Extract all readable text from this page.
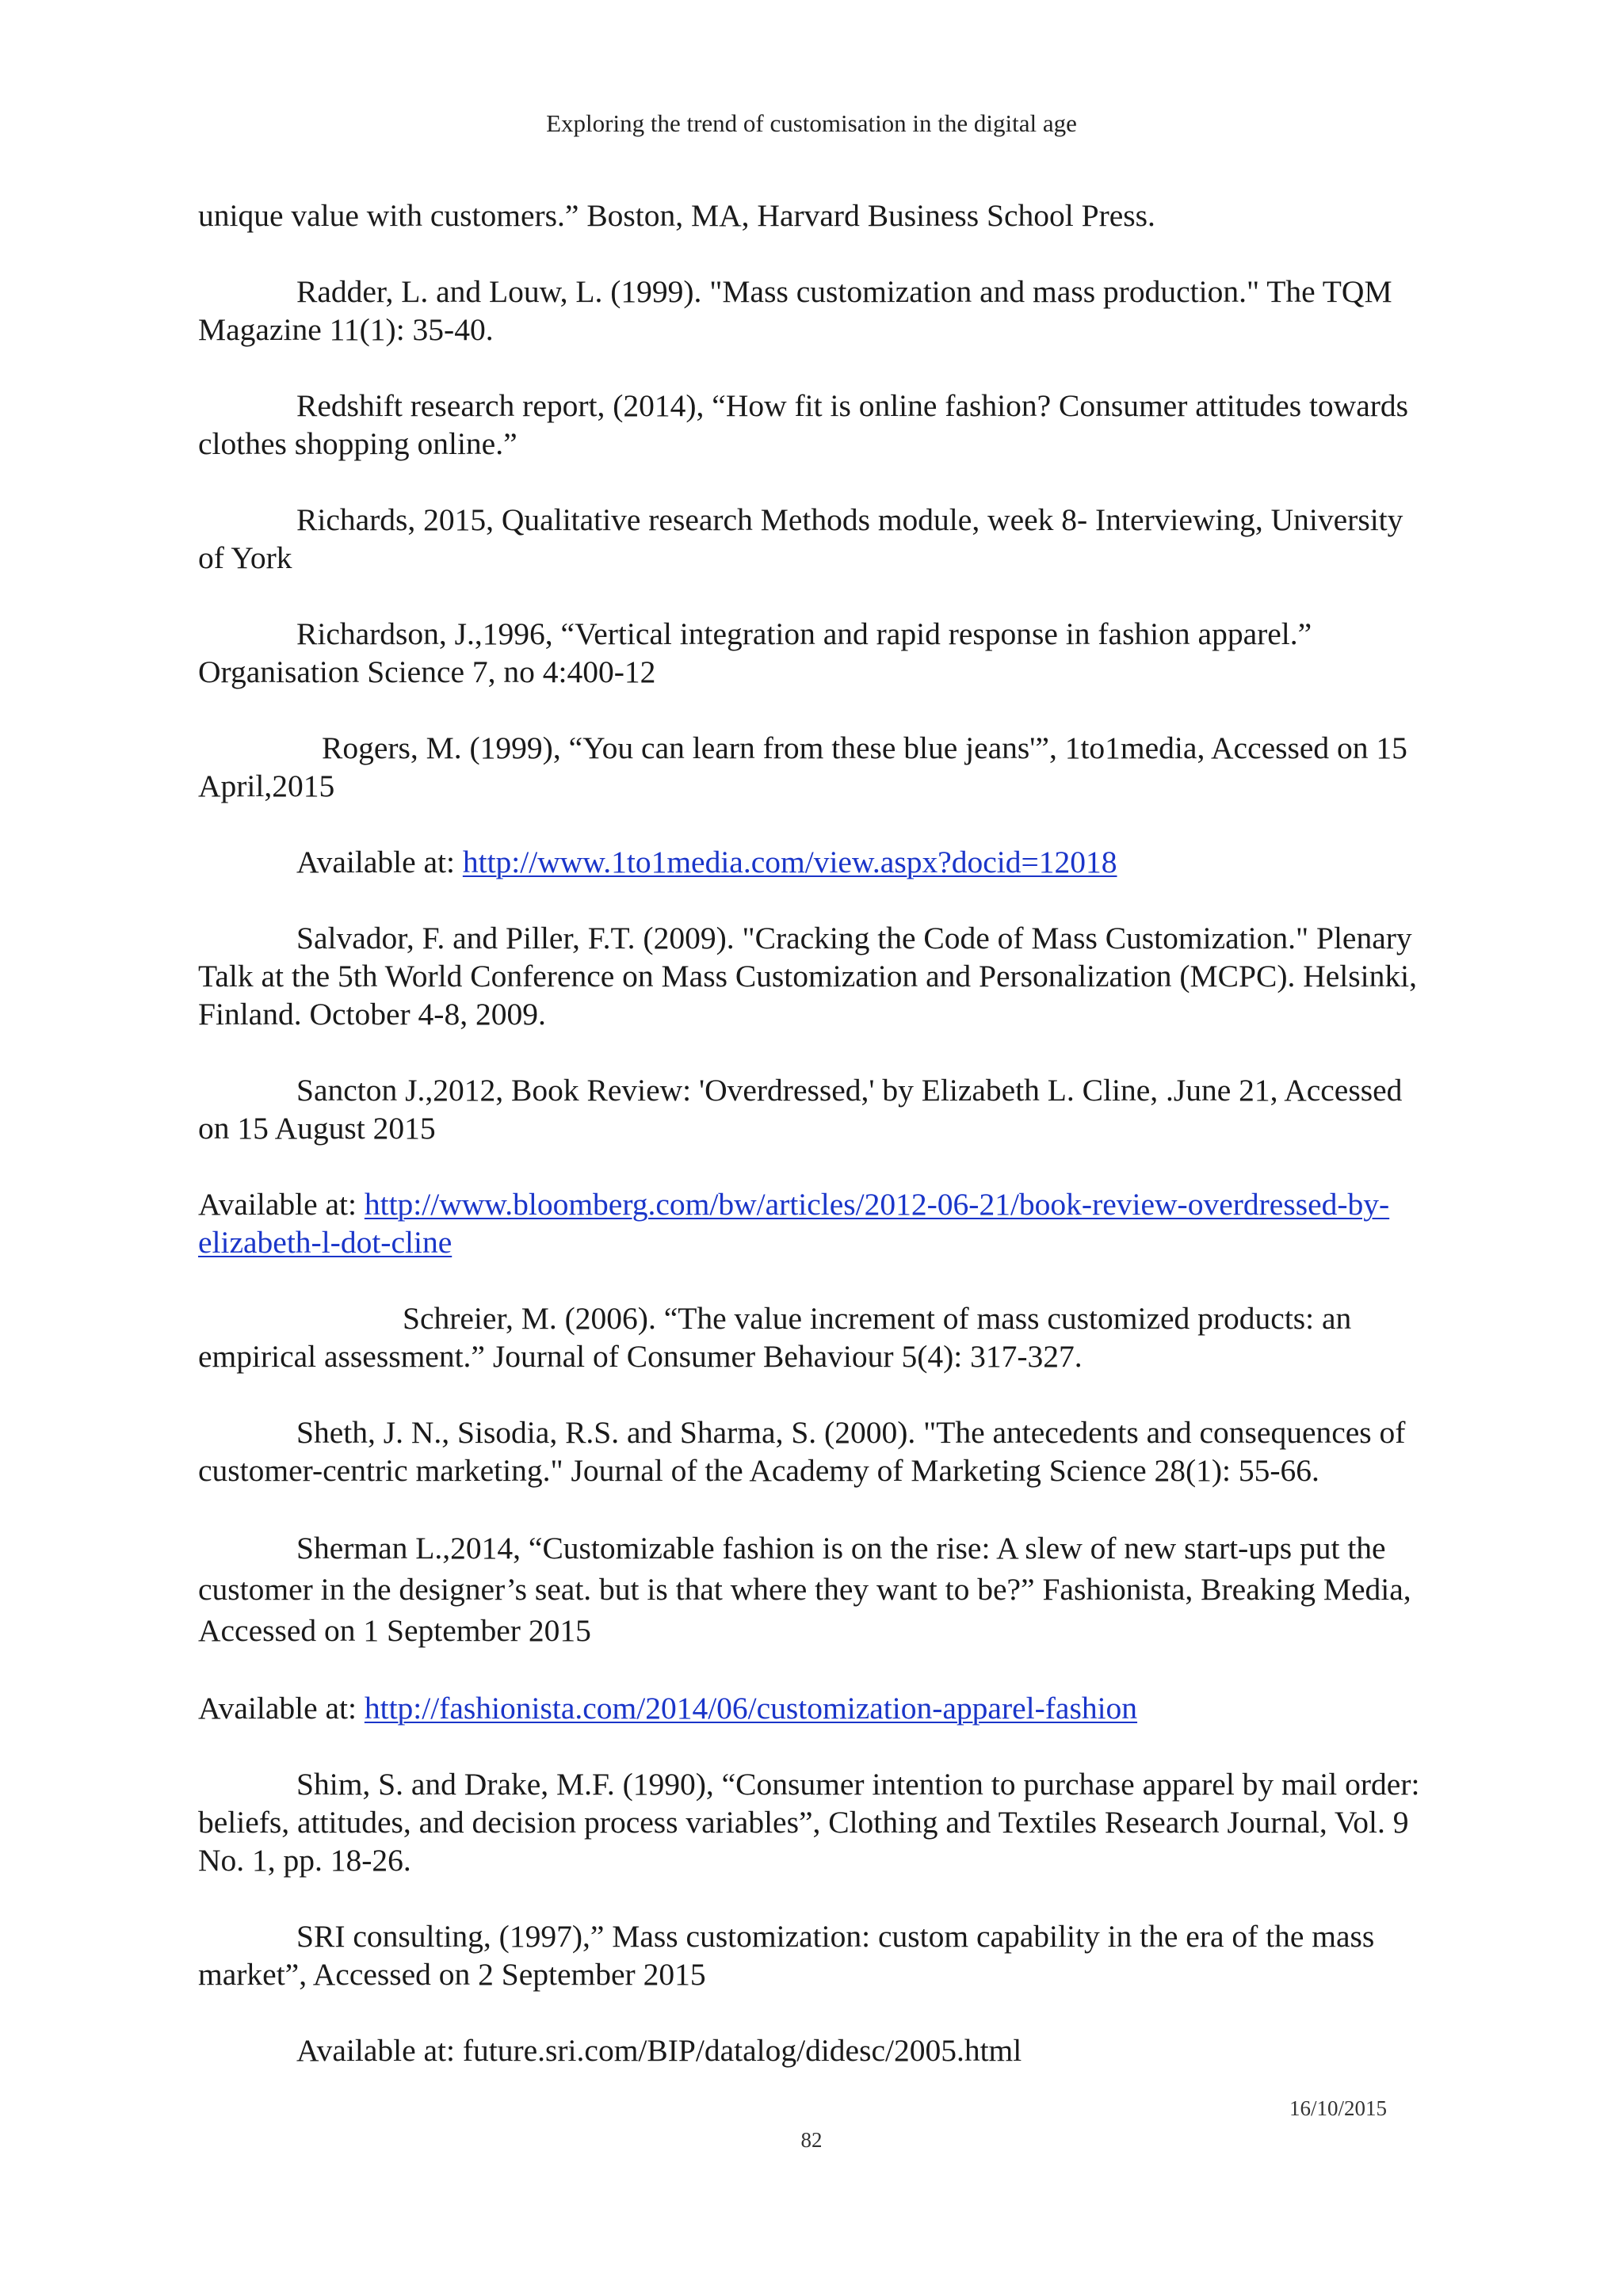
Exploring the trend of customisation in the digital age

unique value with customers.” Boston, MA, Harvard Business School Press.

Radder, L. and Louw, L. (1999). "Mass customization and mass production." The TQM Magazine 11(1): 35-40.

Redshift research report, (2014), “How fit is online fashion? Consumer attitudes towards clothes shopping online.”

Richards, 2015, Qualitative research Methods module, week 8- Interviewing, University of York

Richardson, J.,1996, “Vertical integration and rapid response in fashion apparel.” Organisation Science 7, no 4:400-12

Rogers, M. (1999), “You can learn from these blue jeans'”, 1to1media, Accessed on 15 April,2015

Available at: http://www.1to1media.com/view.aspx?docid=12018

Salvador, F. and Piller, F.T. (2009). "Cracking the Code of Mass Customization." Plenary Talk at the 5th World Conference on Mass Customization and Personalization (MCPC). Helsinki, Finland. October 4-8, 2009.

Sancton J.,2012, Book Review: 'Overdressed,' by Elizabeth L. Cline, .June 21, Accessed on 15 August 2015

Available at: http://www.bloomberg.com/bw/articles/2012-06-21/book-review-overdressed-by-elizabeth-l-dot-cline

Schreier, M. (2006). “The value increment of mass customized products: an empirical assessment.” Journal of Consumer Behaviour 5(4): 317-327.

Sheth, J. N., Sisodia, R.S. and Sharma, S. (2000). "The antecedents and consequences of customer-centric marketing." Journal of the Academy of Marketing Science 28(1): 55-66.

Sherman L.,2014, “Customizable fashion is on the rise: A slew of new start-ups put the customer in the designer’s seat. but is that where they want to be?” Fashionista, Breaking Media, Accessed on 1 September 2015

Available at: http://fashionista.com/2014/06/customization-apparel-fashion

Shim, S. and Drake, M.F. (1990), “Consumer intention to purchase apparel by mail order: beliefs, attitudes, and decision process variables”, Clothing and Textiles Research Journal, Vol. 9 No. 1, pp. 18-26.

SRI consulting, (1997),” Mass customization: custom capability in the era of the mass market”, Accessed on 2 September 2015

Available at: future.sri.com/BIP/datalog/didesc/2005.html

16/10/2015
82
